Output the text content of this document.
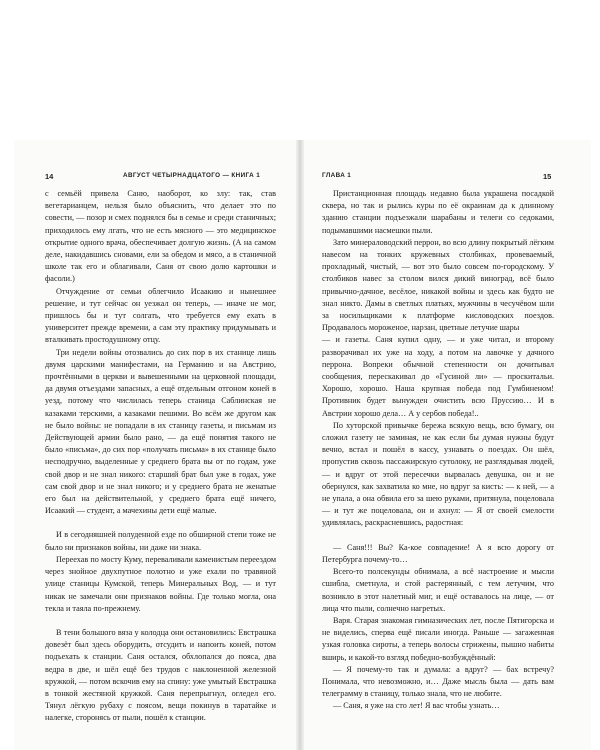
14	АВГУСТ ЧЕТЫРНАДЦАТОГО — КНИГА 1	ГЛАВА 1	15

с семьёй привела Саню, наоборот, ко злу: так, став вегетарианцем, нельзя было объяснить, что делает это по совести, — позор и смех поднялся бы в семье и среди станичных; приходилось ему лгать, что не есть мясного — это медицинское открытие одного врача, обеспечивает долгую жизнь. (А на самом деле, накидавшись сновами, ели за обедом и мясо, а в станичной школе так его и облагивали, Саня от свою долю картошки и фасоли.)

Отчуждение от семьи облегчило Исаакию и нынешнее решение, и тут сейчас он уезжал он теперь, — иначе не мог, пришлось бы и тут солгать, что требуется ему ехать в университет прежде времени, а сам эту практику придумывать и вталкивать простодушному отцу.

Три недели войны отозвались до сих пор в их станице лишь двумя царскими манифестами, на Германию и на Австрию, прочтёнными в церкви и вывешенными на церковной площади, да двумя отъездами запасных, а ещё отдельным отгоном коней в уезд, потому что числилась теперь станица Саблинская не казаками терскими, а казаками пешими. Во всём же другом как не было войны: не попадали в их станицу газеты, и письмам из Действующей армии было рано, — да ещё понятия такого не было «письма», до сих пор «получать письма» в их станице было несподручно, выделенные у среднего брата вы от по годам, уже свой двор и не знал никого: старший брат был уже в годах, уже сам свой двор и не знал никого; и у среднего брата не женатые его был на действительной, у среднего брата ещё ничего, Исаакий — студент, а мачехины дети ещё малые.

И в сегодняшней полуденной езде по обширной степи тоже не было ни признаков войны, ни даже ни знака.

Переехав по мосту Куму, переваливали каменистым переездом через знойное двухпутное полотно и уже ехали по травяной улице станицы Кумской, теперь Минеральных Вод, — и тут никак не замечали они признаков войны. Где только могла, она текла и таяла по-прежнему.

В тени большого вяза у колодца они остановились: Евстрашка довезёт был здесь оборудить, отсудить и напоить коней, потом подъехать к станции. Саня остался, обхлопался до пояса, два ведра в две, и шёл ещё без трудов с наклоненной железной кружкой, — потом вскочив ему на спину: уже умытый Евстрашка в тонкой жестяной кружкой. Саня перепрыгнул, огледел его. Тянул лёгкую рубаху с поясом, вещи покинув в таратайке и налегке, сторонясь от пыли, пошёл к станции.

Пристанционная площадь недавно была украшена посадкой сквера, но так и рылись куры по её окраинам да к длинному зданию станции подъезжали шарабаны и телеги со седоками, подымавшими насмешки пыли.

Зато минераловодский перрон, во всю длину покрытый лёгким навесом на тонких кружевных столбиках, провеваемый, прохладный, чистый, — вот это было совсем по-городскому. У столбиков навес за столом вился дикий виноград, всё было привычно-дачное, весёлое, никакой войны и здесь как будто не знал никто. Дамы в светлых платьях, мужчины в чесучёвом шли за носильщиками к платформе кисловодских поездов. Продавалось мороженое, нарзан, цветные летучие шары

— и газеты. Саня купил одну, — и уже читал, и второму разворачивал их уже на ходу, а потом на лавочке у дачного перрона. Вопреки обычной степенности он дочитывал сообщения, перескакивал до «Гусиной ли» — проскитальи. Хорошо, хорошо. Наша крупная победа под Гумбиненом! Противник будет вынужден очистить всю Пруссию… И в Австрии хорошо дела… А у сербов победа!..

По хуторской привычке бережа всякую вещь, всю бумагу, он сложил газету не заминая, не как если бы думая нужны будут вечно, встал и пошёл в кассу, узнавать о поездах. Он шёл, пропустив сквозь пассажирскую сутолоку, не разглядывая людей, — и вдруг от этой пересечки вырвалась девушка, он и не обернулся, как захватила ко мне, но вдруг за кисть: — к ней, — а не упала, а она обвила его за шею руками, притянула, поцеловала — и тут же поцеловала, он и ахнул: — Я от своей смелости удивлялась, раскрасневшись, радостная:

— Саня!!! Вы? Ка-кое совпадение! А я всю дорогу от Петербурга почему-то…

Всего-то полсекунды обнимала, а всё настроение и мысли сшибла, сметнула, и стой растерянный, с тем летучим, что возникло в этот налетный миг, и ещё оставалось на лице, — от лица что пыли, солнечно нагретых.

Варя. Старая знакомая гимназических лет, после Пятигорска и не виделись, сперва ещё писали иногда. Раньше — загаженная узкая головка сироты, а теперь волосы стрижены, пышно набиты вширь, и какой-то взгляд победно-возбуждённый:

— Я почему-то так и думала: а вдруг? — бах встречу? Понимала, что невозможно, и… Даже мысль была — дать вам телеграмму в станицу, только знала, что не любите.

— Саня, я уже на сто лет! Я вас чтобы узнать…
